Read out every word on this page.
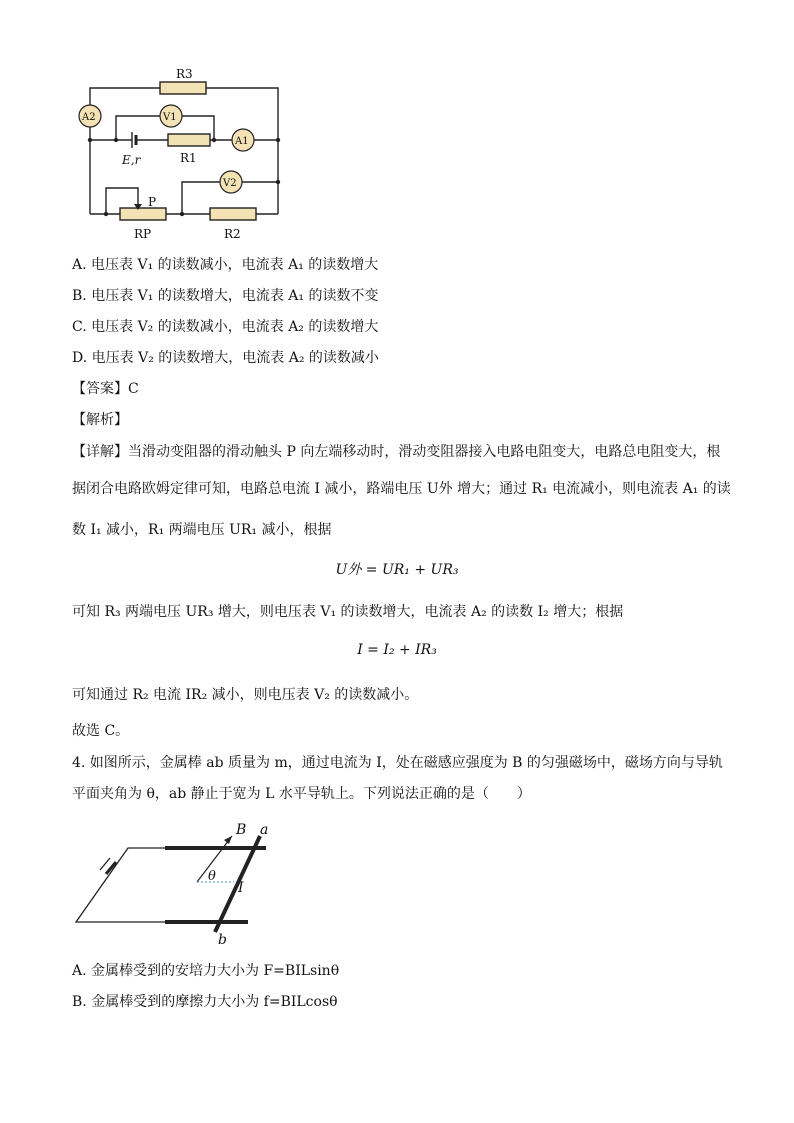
R3
A2	V1
A1
E,r	R1
V2
P
RP	R2
A. 电压表 V₁ 的读数减小，电流表 A₁ 的读数增大
B. 电压表 V₁ 的读数增大，电流表 A₁ 的读数不变
C. 电压表 V₂ 的读数减小，电流表 A₂ 的读数增大
D. 电压表 V₂ 的读数增大，电流表 A₂ 的读数减小
【答案】C
【解析】
【详解】当滑动变阻器的滑动触头 P 向左端移动时，滑动变阻器接入电路电阻变大，电路总电阻变大，根
据闭合电路欧姆定律可知，电路总电流 I 减小，路端电压 U外 增大；通过 R₁ 电流减小，则电流表 A₁ 的读
数 I₁ 减小，R₁ 两端电压 UR₁ 减小，根据
U外 = UR₁ + UR₃
可知 R₃ 两端电压 UR₃ 增大，则电压表 V₁ 的读数增大，电流表 A₂ 的读数 I₂ 增大；根据
I = I₂ + IR₃
可知通过 R₂ 电流 IR₂ 减小，则电压表 V₂ 的读数减小。
故选 C。
4. 如图所示，金属棒 ab 质量为 m，通过电流为 I，处在磁感应强度为 B 的匀强磁场中，磁场方向与导轨
平面夹角为 θ，ab 静止于宽为 L 水平导轨上。下列说法正确的是（　　）
B a
θ
I
b
A. 金属棒受到的安培力大小为 F=BILsinθ
B. 金属棒受到的摩擦力大小为 f=BILcosθ
